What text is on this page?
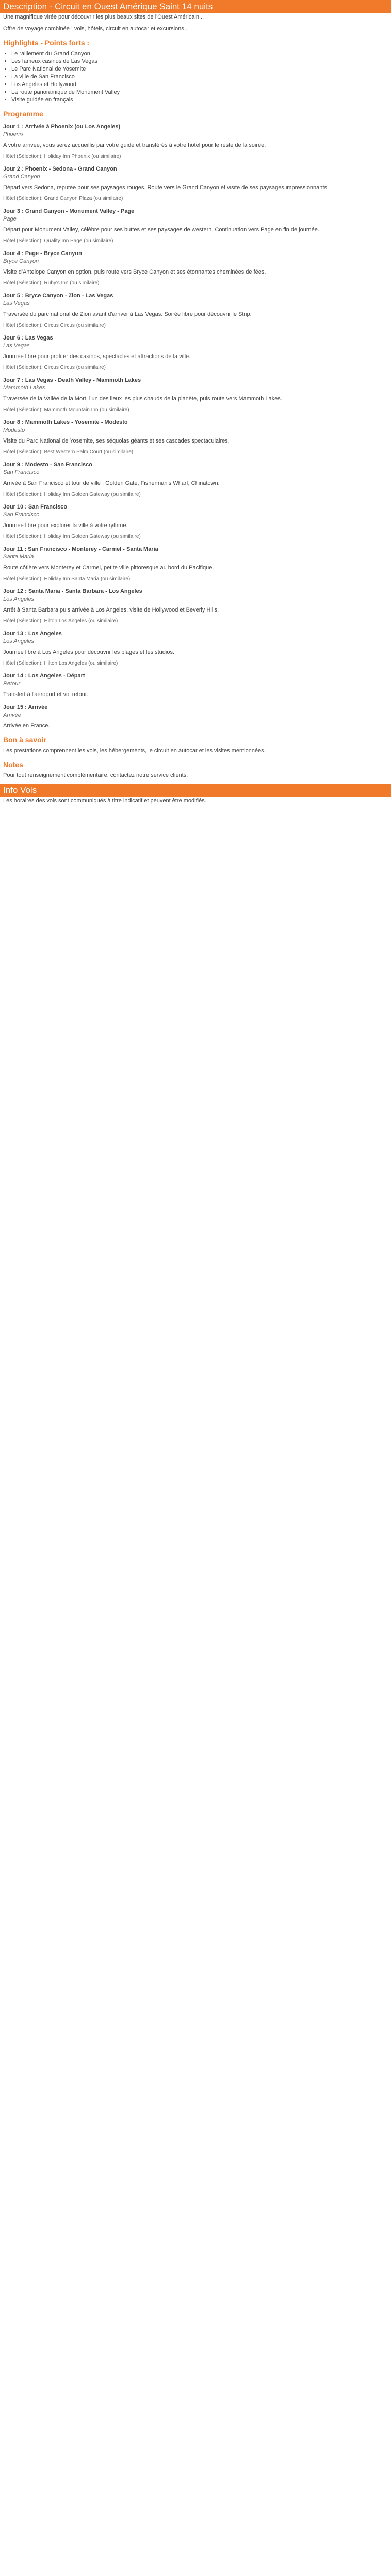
Description - Circuit en Ouest Amérique Saint 14 nuits

Une magnifique virée pour découvrir les plus beaux sites de l'Ouest Américain...

Offre de voyage combinée : vols, hôtels, circuit en autocar et excursions...

Highlights - Points forts :
• Le ralliement du Grand Canyon
• Les fameux casinos de Las Vegas
• Le Parc National de Yosemite
• La ville de San Francisco
• Los Angeles et Hollywood
• La route panoramique de Monument Valley
• Visite guidée en français
Programme
Jour 1 : Arrivée à Phoenix (ou Los Angeles)
Phoenix

A votre arrivée, vous serez accueillis par votre guide et transférés à votre hôtel pour le reste de la soirée.

Hôtel (Sélection): Holiday Inn Phoenix (ou similaire)
Jour 2 : Phoenix - Sedona - Grand Canyon
Grand Canyon

Départ vers Sedona, réputée pour ses paysages rouges. Route vers le Grand Canyon et visite de ses paysages impressionnants.

Hôtel (Sélection): Grand Canyon Plaza (ou similaire)
Jour 3 : Grand Canyon - Monument Valley - Page
Page

Départ pour Monument Valley, célèbre pour ses buttes et ses paysages de western. Continuation vers Page en fin de journée.

Hôtel (Sélection): Quality Inn Page (ou similaire)
Jour 4 : Page - Bryce Canyon
Bryce Canyon

Visite d'Antelope Canyon en option, puis route vers Bryce Canyon et ses étonnantes cheminées de fées.

Hôtel (Sélection): Ruby's Inn (ou similaire)
Jour 5 : Bryce Canyon - Zion - Las Vegas
Las Vegas

Traversée du parc national de Zion avant d'arriver à Las Vegas. Soirée libre pour découvrir le Strip.

Hôtel (Sélection): Circus Circus (ou similaire)
Jour 6 : Las Vegas
Las Vegas

Journée libre pour profiter des casinos, spectacles et attractions de la ville.

Hôtel (Sélection): Circus Circus (ou similaire)
Jour 7 : Las Vegas - Death Valley - Mammoth Lakes
Mammoth Lakes

Traversée de la Vallée de la Mort, l'un des lieux les plus chauds de la planète, puis route vers Mammoth Lakes.

Hôtel (Sélection): Mammoth Mountain Inn (ou similaire)
Jour 8 : Mammoth Lakes - Yosemite - Modesto
Modesto

Visite du Parc National de Yosemite, ses séquoias géants et ses cascades spectaculaires.

Hôtel (Sélection): Best Western Palm Court (ou similaire)
Jour 9 : Modesto - San Francisco
San Francisco

Arrivée à San Francisco et tour de ville : Golden Gate, Fisherman's Wharf, Chinatown.

Hôtel (Sélection): Holiday Inn Golden Gateway (ou similaire)
Jour 10 : San Francisco
San Francisco

Journée libre pour explorer la ville à votre rythme.

Hôtel (Sélection): Holiday Inn Golden Gateway (ou similaire)
Jour 11 : San Francisco - Monterey - Carmel - Santa Maria
Santa Maria

Route côtière vers Monterey et Carmel, petite ville pittoresque au bord du Pacifique.

Hôtel (Sélection): Holiday Inn Santa Maria (ou similaire)
Jour 12 : Santa Maria - Santa Barbara - Los Angeles
Los Angeles

Arrêt à Santa Barbara puis arrivée à Los Angeles, visite de Hollywood et Beverly Hills.

Hôtel (Sélection): Hilton Los Angeles (ou similaire)
Jour 13 : Los Angeles
Los Angeles

Journée libre à Los Angeles pour découvrir les plages et les studios.

Hôtel (Sélection): Hilton Los Angeles (ou similaire)
Jour 14 : Los Angeles - Départ
Retour

Transfert à l'aéroport et vol retour.

Jour 15 : Arrivée
Arrivée

Arrivée en France.

Bon à savoir

Les prestations comprennent les vols, les hébergements, le circuit en autocar et les visites mentionnées.

Notes

Pour tout renseignement complémentaire, contactez notre service clients.

Info Vols

Les horaires des vols sont communiqués à titre indicatif et peuvent être modifiés.
